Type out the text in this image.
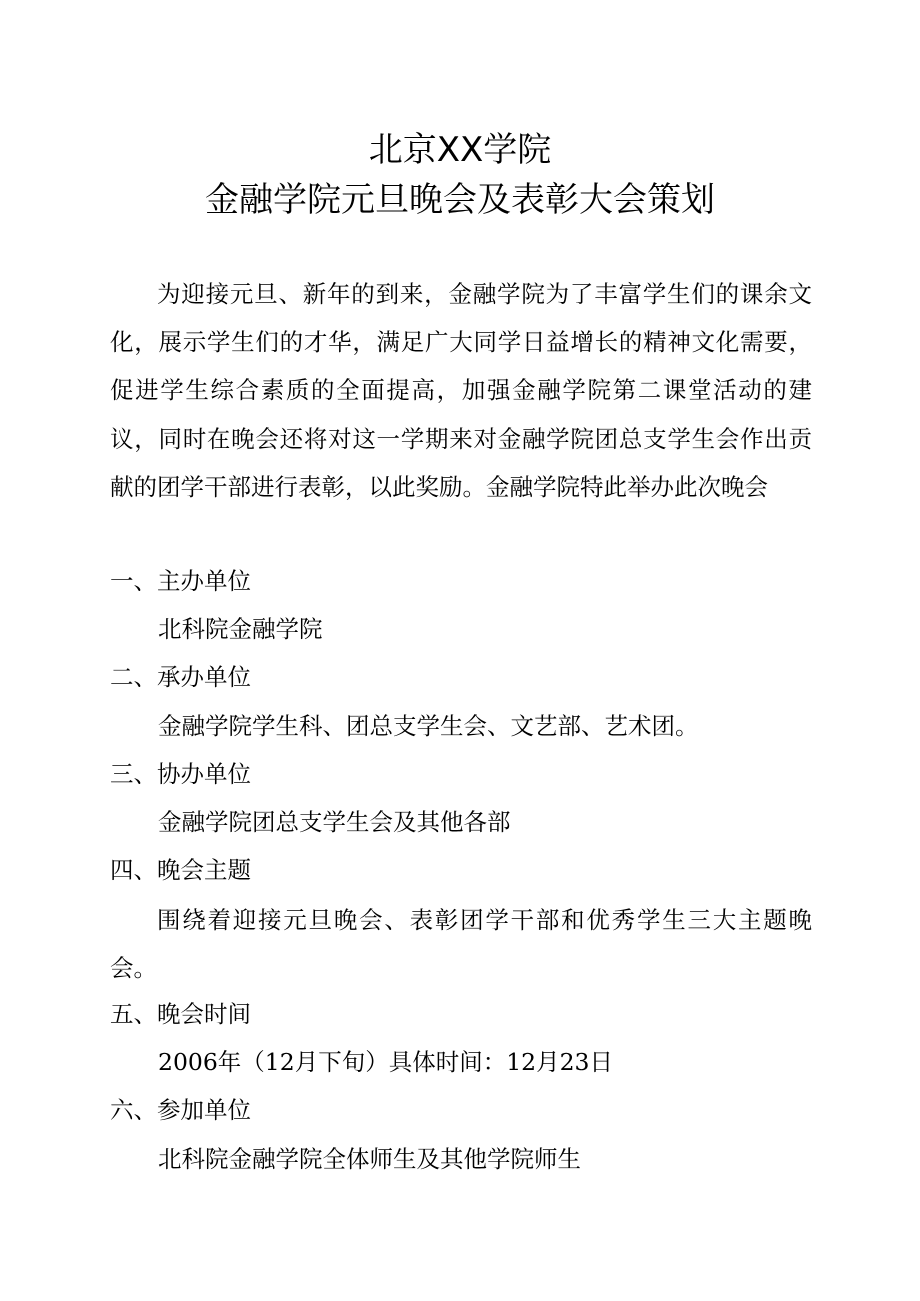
北京XX学院
金融学院元旦晚会及表彰大会策划

为迎接元旦、新年的到来，金融学院为了丰富学生们的课余文化，展示学生们的才华，满足广大同学日益增长的精神文化需要，促进学生综合素质的全面提高，加强金融学院第二课堂活动的建议，同时在晚会还将对这一学期来对金融学院团总支学生会作出贡献的团学干部进行表彰，以此奖励。金融学院特此举办此次晚会

一、主办单位
北科院金融学院
二、承办单位
金融学院学生科、团总支学生会、文艺部、艺术团。
三、协办单位
金融学院团总支学生会及其他各部
四、晚会主题

围绕着迎接元旦晚会、表彰团学干部和优秀学生三大主题晚会。

五、晚会时间
2006年（12月下旬）具体时间：12月23日
六、参加单位
北科院金融学院全体师生及其他学院师生
